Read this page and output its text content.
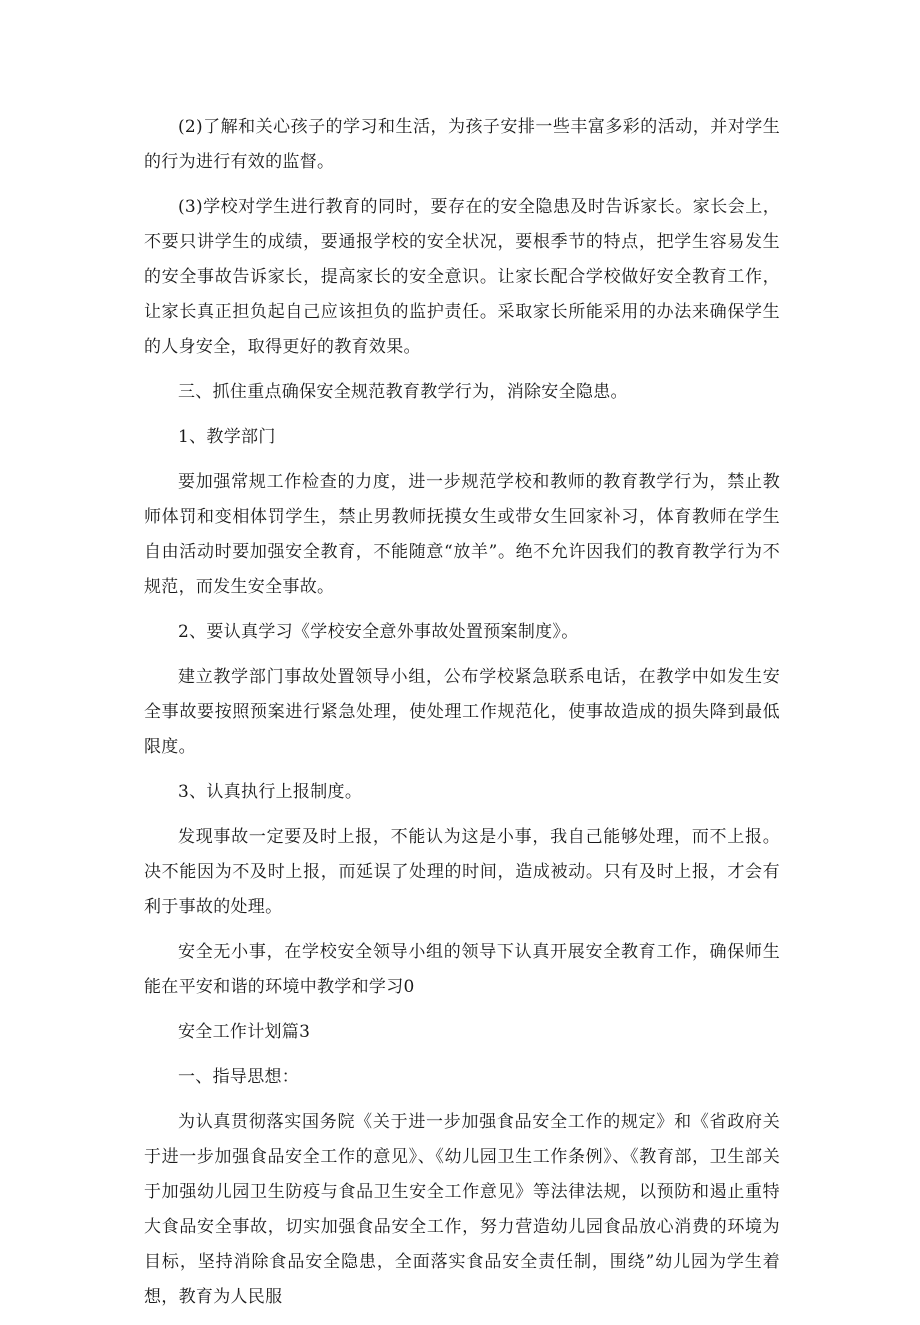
(2)了解和关心孩子的学习和生活，为孩子安排一些丰富多彩的活动，并对学生的行为进行有效的监督。

(3)学校对学生进行教育的同时，要存在的安全隐患及时告诉家长。家长会上，不要只讲学生的成绩，要通报学校的安全状况，要根季节的特点，把学生容易发生的安全事故告诉家长，提高家长的安全意识。让家长配合学校做好安全教育工作，让家长真正担负起自己应该担负的监护责任。采取家长所能采用的办法来确保学生的人身安全，取得更好的教育效果。

三、抓住重点确保安全规范教育教学行为，消除安全隐患。

1、教学部门

要加强常规工作检查的力度，进一步规范学校和教师的教育教学行为，禁止教师体罚和变相体罚学生，禁止男教师抚摸女生或带女生回家补习，体育教师在学生自由活动时要加强安全教育，不能随意“放羊”。绝不允许因我们的教育教学行为不规范，而发生安全事故。

2、要认真学习《学校安全意外事故处置预案制度》。

建立教学部门事故处置领导小组，公布学校紧急联系电话，在教学中如发生安全事故要按照预案进行紧急处理，使处理工作规范化，使事故造成的损失降到最低限度。

3、认真执行上报制度。

发现事故一定要及时上报，不能认为这是小事，我自己能够处理，而不上报。决不能因为不及时上报，而延误了处理的时间，造成被动。只有及时上报，才会有利于事故的处理。

安全无小事，在学校安全领导小组的领导下认真开展安全教育工作，确保师生能在平安和谐的环境中教学和学习0

安全工作计划篇3

一、指导思想：

为认真贯彻落实国务院《关于进一步加强食品安全工作的规定》和《省政府关于进一步加强食品安全工作的意见》、《幼儿园卫生工作条例》、《教育部，卫生部关于加强幼儿园卫生防疫与食品卫生安全工作意见》等法律法规，以预防和遏止重特大食品安全事故，切实加强食品安全工作，努力营造幼儿园食品放心消费的环境为目标，坚持消除食品安全隐患，全面落实食品安全责任制，围绕”幼儿园为学生着想，教育为人民服
